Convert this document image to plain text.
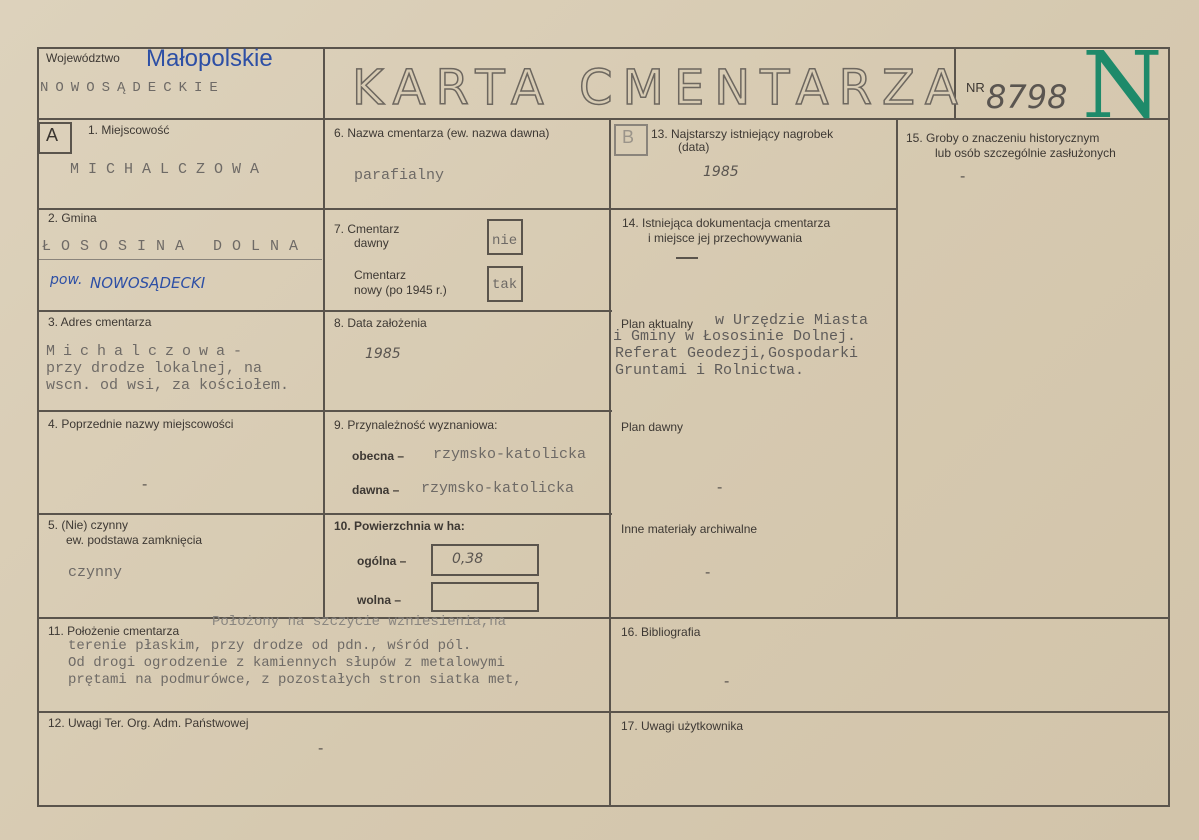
Województwo Małopolskie
NOWOSĄDECKIE	KARTA CMENTARZA
NR 8798 N
A 1. Miejscowość
MICHALCZOWA
2. Gmina
ŁOSOSINA DOLNA
pow. NOWOSĄDECKI
3. Adres cmentarza
Michalczowa-
przy drodze lokalnej, na
wscn. od wsi, za kościołem.
4. Poprzednie nazwy miejscowości
-
5. (Nie) czynny
ew. podstawa zamknięcia
czynny
6. Nazwa cmentarza (ew. nazwa dawna)
parafialny
7. Cmentarz
dawny	nie
Cmentarz
nowy (po 1945 r.)	tak
8. Data założenia
1985
9. Przynależność wyznaniowa:
obecna – rzymsko-katolicka
dawna – rzymsko-katolicka
10. Powierzchnia w ha:
ogólna –	0,38
wolna –
B 13. Najstarszy istniejący nagrobek
(data)
1985
14. Istniejąca dokumentacja cmentarza
i miejsce jej przechowywania
Plan aktualny w Urzędzie Miasta
i Gminy w Łososinie Dolnej.
Referat Geodezji,Gospodarki
Gruntami i Rolnictwa.
Plan dawny
-
Inne materiały archiwalne
-
15. Groby o znaczeniu historycznym
lub osób szczególnie zasłużonych
-
11. Położenie cmentarza
Położony na szczycie wzniesienia,na
terenie płaskim, przy drodze od pdn., wśród pól.
Od drogi ogrodzenie z kamiennych słupów z metalowymi
prętami na podmurówce, z pozostałych stron siatka met,
16. Bibliografia
-
12. Uwagi Ter. Org. Adm. Państwowej
-
17. Uwagi użytkownika
